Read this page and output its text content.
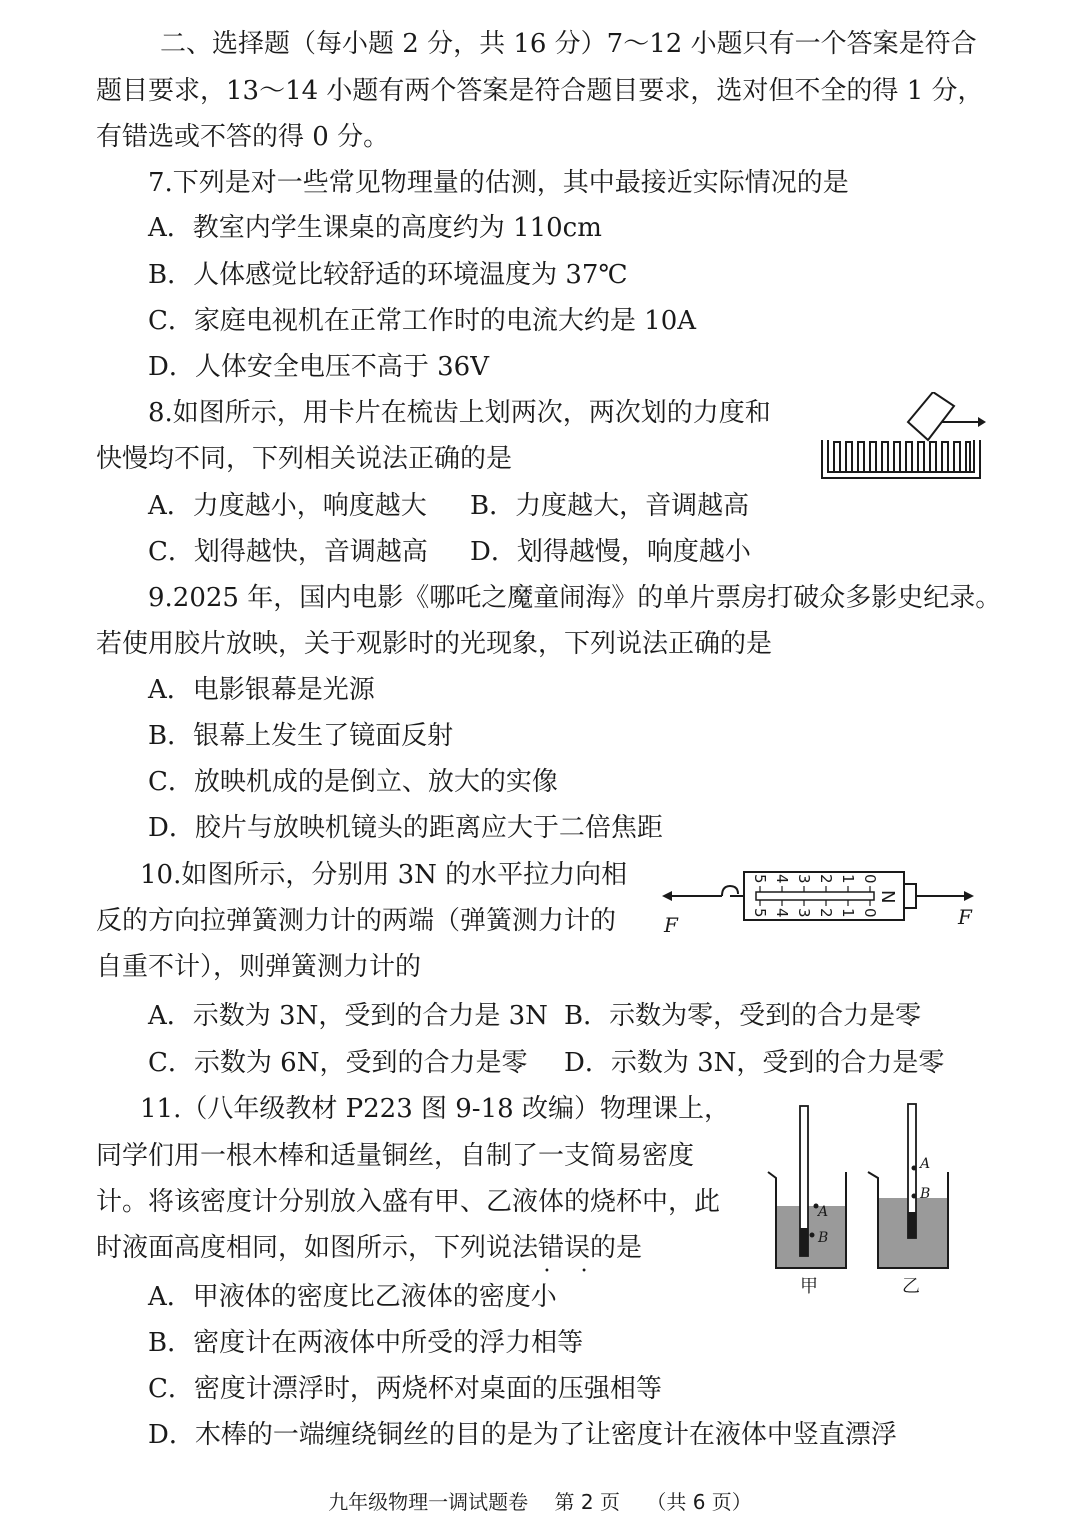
二、选择题（每小题 2 分，共 16 分）7～12 小题只有一个答案是符合
题目要求，13～14 小题有两个答案是符合题目要求，选对但不全的得 1 分，
有错选或不答的得 0 分。
7.下列是对一些常见物理量的估测，其中最接近实际情况的是
A．教室内学生课桌的高度约为 110cm
B．人体感觉比较舒适的环境温度为 37℃
C．家庭电视机在正常工作时的电流大约是 10A
D．人体安全电压不高于 36V
8.如图所示，用卡片在梳齿上划两次，两次划的力度和
快慢均不同，下列相关说法正确的是
A．力度越小，响度越大 B．力度越大，音调越高
C．划得越快，音调越高 D．划得越慢，响度越小
9.2025 年，国内电影《哪吒之魔童闹海》的单片票房打破众多影史纪录。
若使用胶片放映，关于观影时的光现象，下列说法正确的是
A．电影银幕是光源
B．银幕上发生了镜面反射
C．放映机成的是倒立、放大的实像
D．胶片与放映机镜头的距离应大于二倍焦距
10.如图所示，分别用 3N 的水平拉力向相
反的方向拉弹簧测力计的两端（弹簧测力计的
自重不计），则弹簧测力计的
A．示数为 3N，受到的合力是 3N B．示数为零，受到的合力是零
C．示数为 6N，受到的合力是零 D．示数为 3N，受到的合力是零
0
1
2
3
4
5
0
1
2
3
4
5
N
F	F
11.（八年级教材 P223 图 9-18 改编）物理课上，
同学们用一根木棒和适量铜丝，自制了一支简易密度
计。将该密度计分别放入盛有甲、乙液体的烧杯中，此
时液面高度相同，如图所示，下列说法错误 • •的是
A．甲液体的密度比乙液体的密度小
B．密度计在两液体中所受的浮力相等
C．密度计漂浮时，两烧杯对桌面的压强相等
D．木棒的一端缠绕铜丝的目的是为了让密度计在液体中竖直漂浮
A
B
甲
A
B
乙
九年级物理一调试题卷 第 2 页 （共 6 页）
